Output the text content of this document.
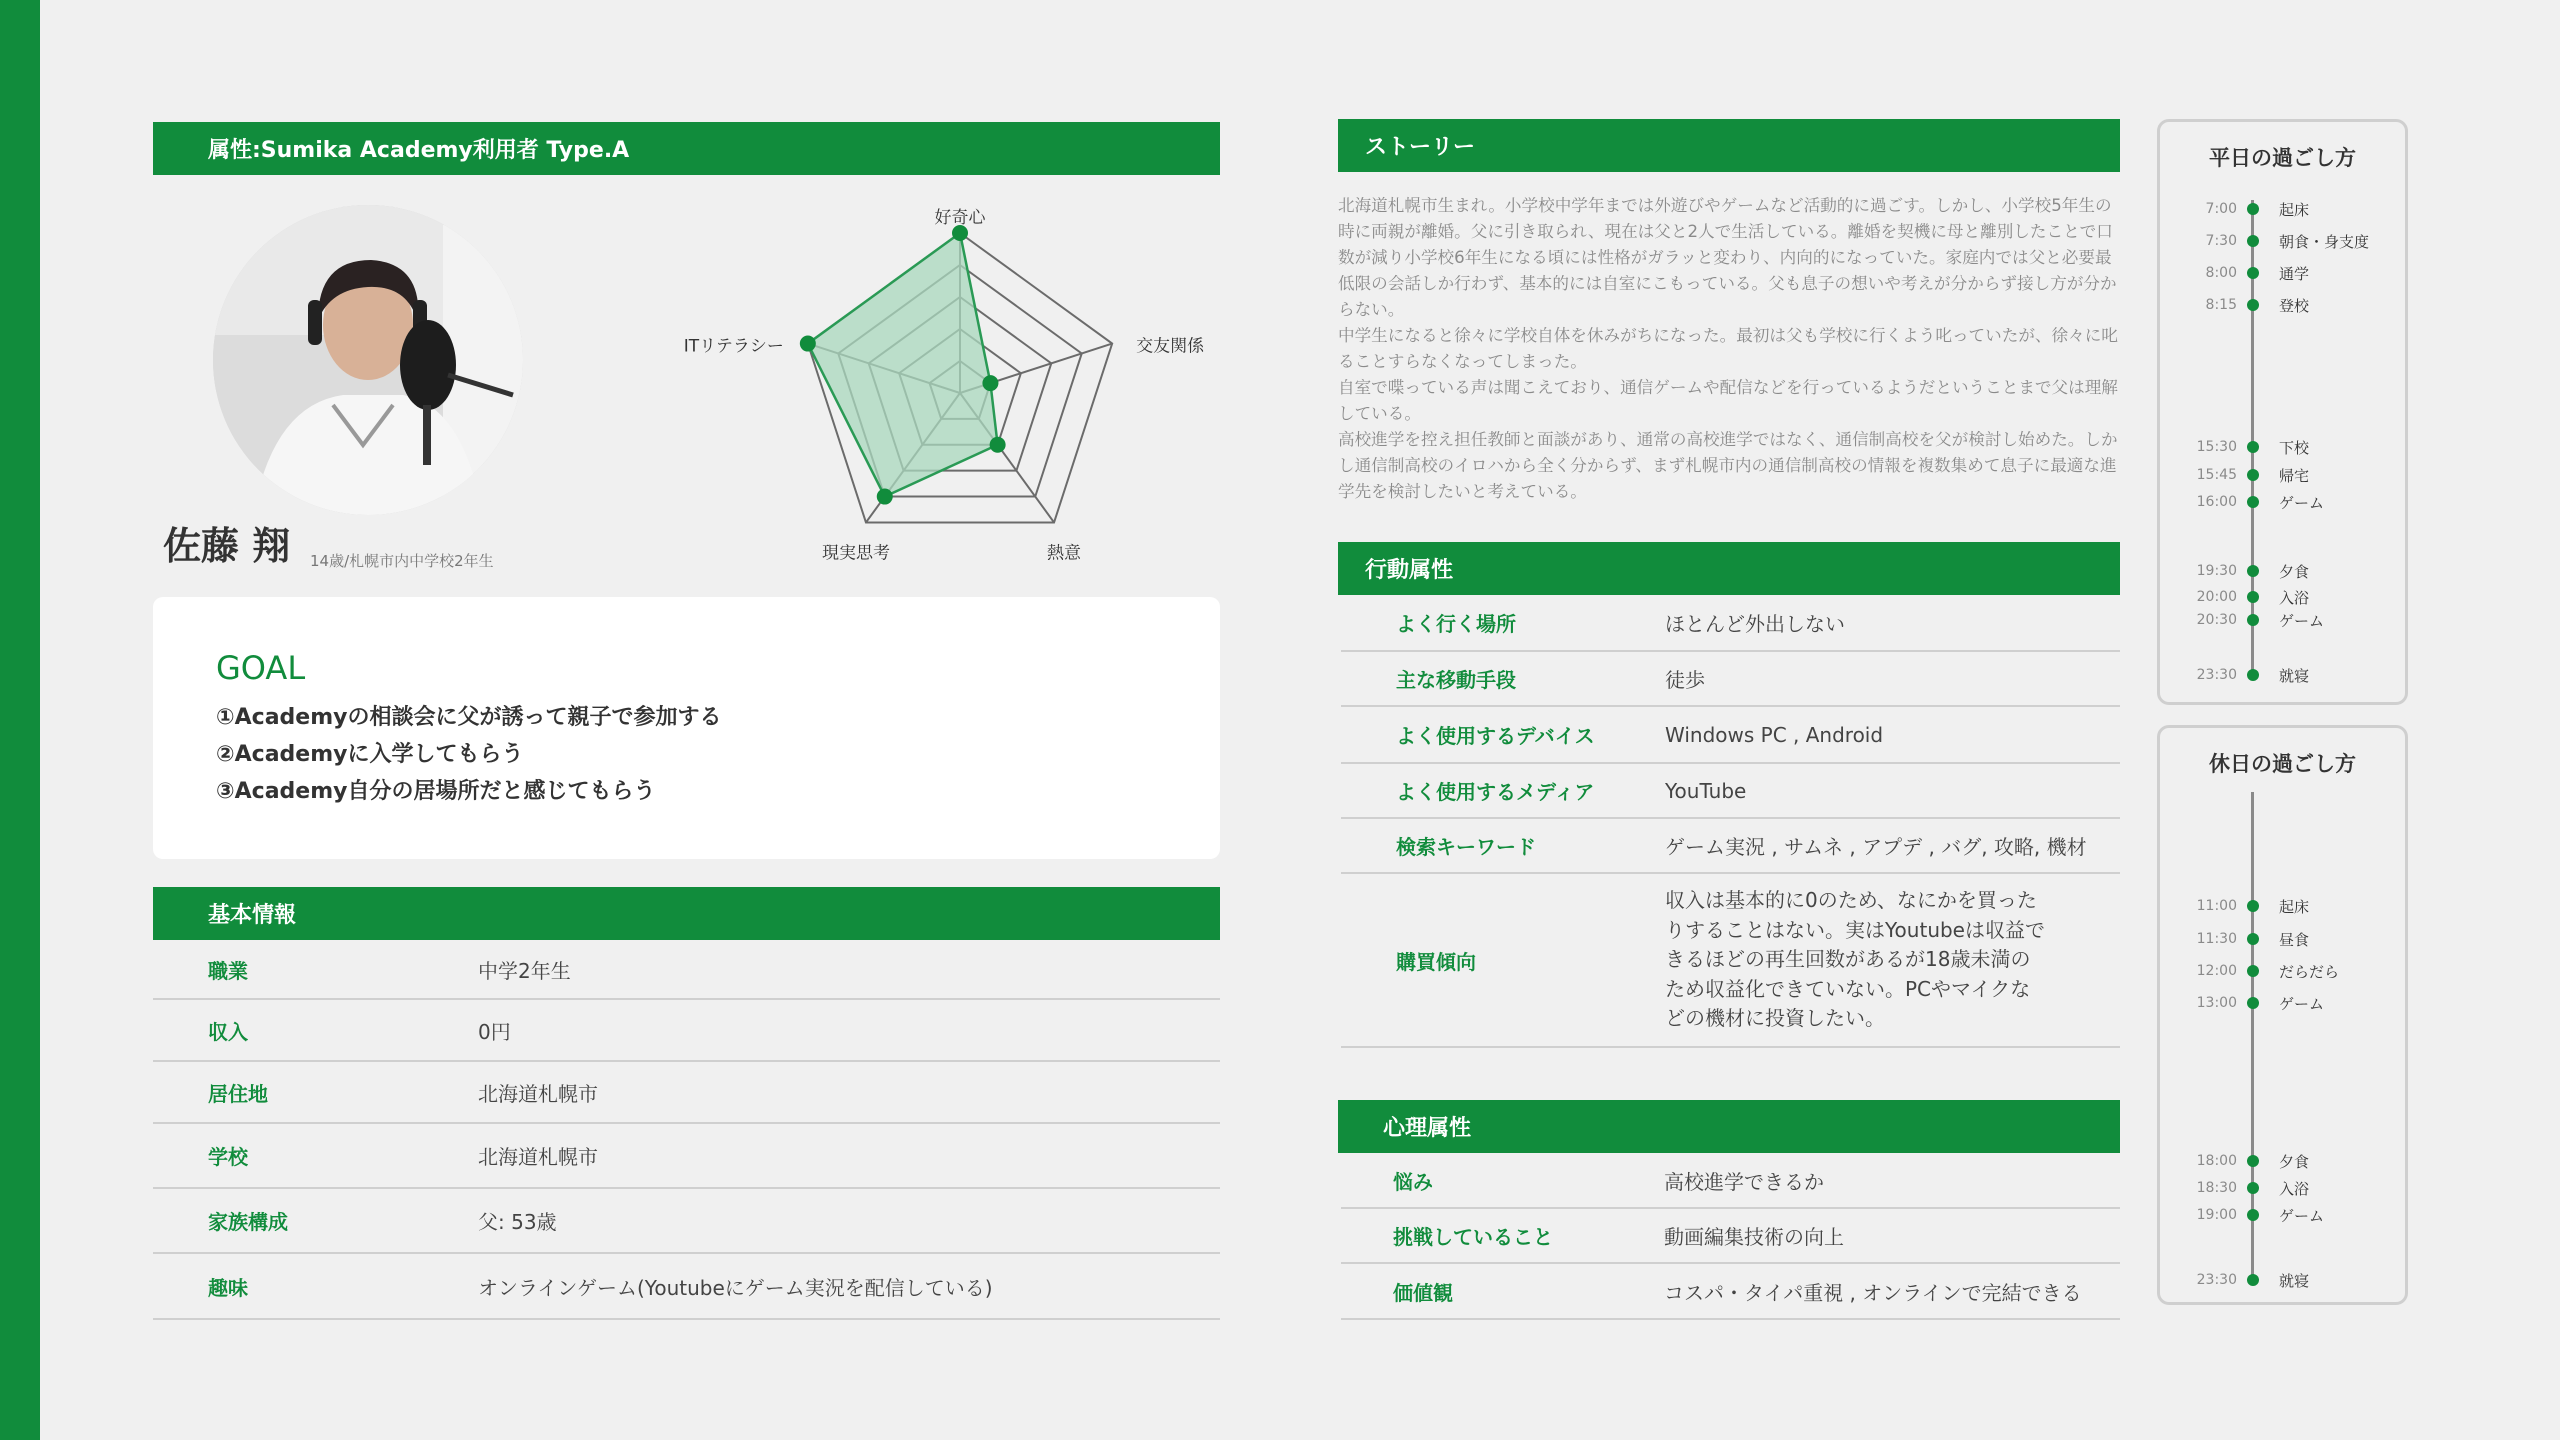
属性:Sumika Academy利用者 Type.A
佐藤 翔 14歳/札幌市内中学校2年生
好奇心
交友関係
熱意
現実思考
ITリテラシー
GOAL
①Academyの相談会に父が誘って親子で参加する
②Academyに入学してもらう
③Academy自分の居場所だと感じてもらう
基本情報
職業	中学2年生
収入	0円
居住地	北海道札幌市
学校	北海道札幌市
家族構成	父: 53歳
趣味	オンラインゲーム(Youtubeにゲーム実況を配信している)
ストーリー

北海道札幌市生まれ。小学校中学年までは外遊びやゲームなど活動的に過ごす。しかし、小学校5年生の時に両親が離婚。父に引き取られ、現在は父と2人で生活している。離婚を契機に母と離別したことで口数が減り小学校6年生になる頃には性格がガラッと変わり、内向的になっていた。家庭内では父と必要最低限の会話しか行わず、基本的には自室にこもっている。父も息子の想いや考えが分からず接し方が分からない。

中学生になると徐々に学校自体を休みがちになった。最初は父も学校に行くよう叱っていたが、徐々に叱ることすらなくなってしまった。

自室で喋っている声は聞こえており、通信ゲームや配信などを行っているようだということまで父は理解している。

高校進学を控え担任教師と面談があり、通常の高校進学ではなく、通信制高校を父が検討し始めた。しかし通信制高校のイロハから全く分からず、まず札幌市内の通信制高校の情報を複数集めて息子に最適な進学先を検討したいと考えている。

行動属性
よく行く場所	ほとんど外出しない
主な移動手段	徒歩
よく使用するデバイス	Windows PC , Android
よく使用するメディア	YouTube
検索キーワード	ゲーム実況 , サムネ , アプデ , バグ, 攻略, 機材
購買傾向
収入は基本的に0のため、なにかを買った
りすることはない。実はYoutubeは収益で
きるほどの再生回数があるが18歳未満の
ため収益化できていない。PCやマイクな
どの機材に投資したい。
心理属性
悩み	高校進学できるか
挑戦していること	動画編集技術の向上
価値観	コスパ・タイパ重視 , オンラインで完結できる
平日の過ごし方
休日の過ごし方
7:00	起床
7:30	朝食・身支度
8:00	通学
8:15	登校
15:30	下校
15:45	帰宅
16:00	ゲーム
19:30	夕食
20:00	入浴
20:30	ゲーム
23:30	就寝
11:00	起床
11:30	昼食
12:00	だらだら
13:00	ゲーム
18:00	夕食
18:30	入浴
19:00	ゲーム
23:30	就寝
